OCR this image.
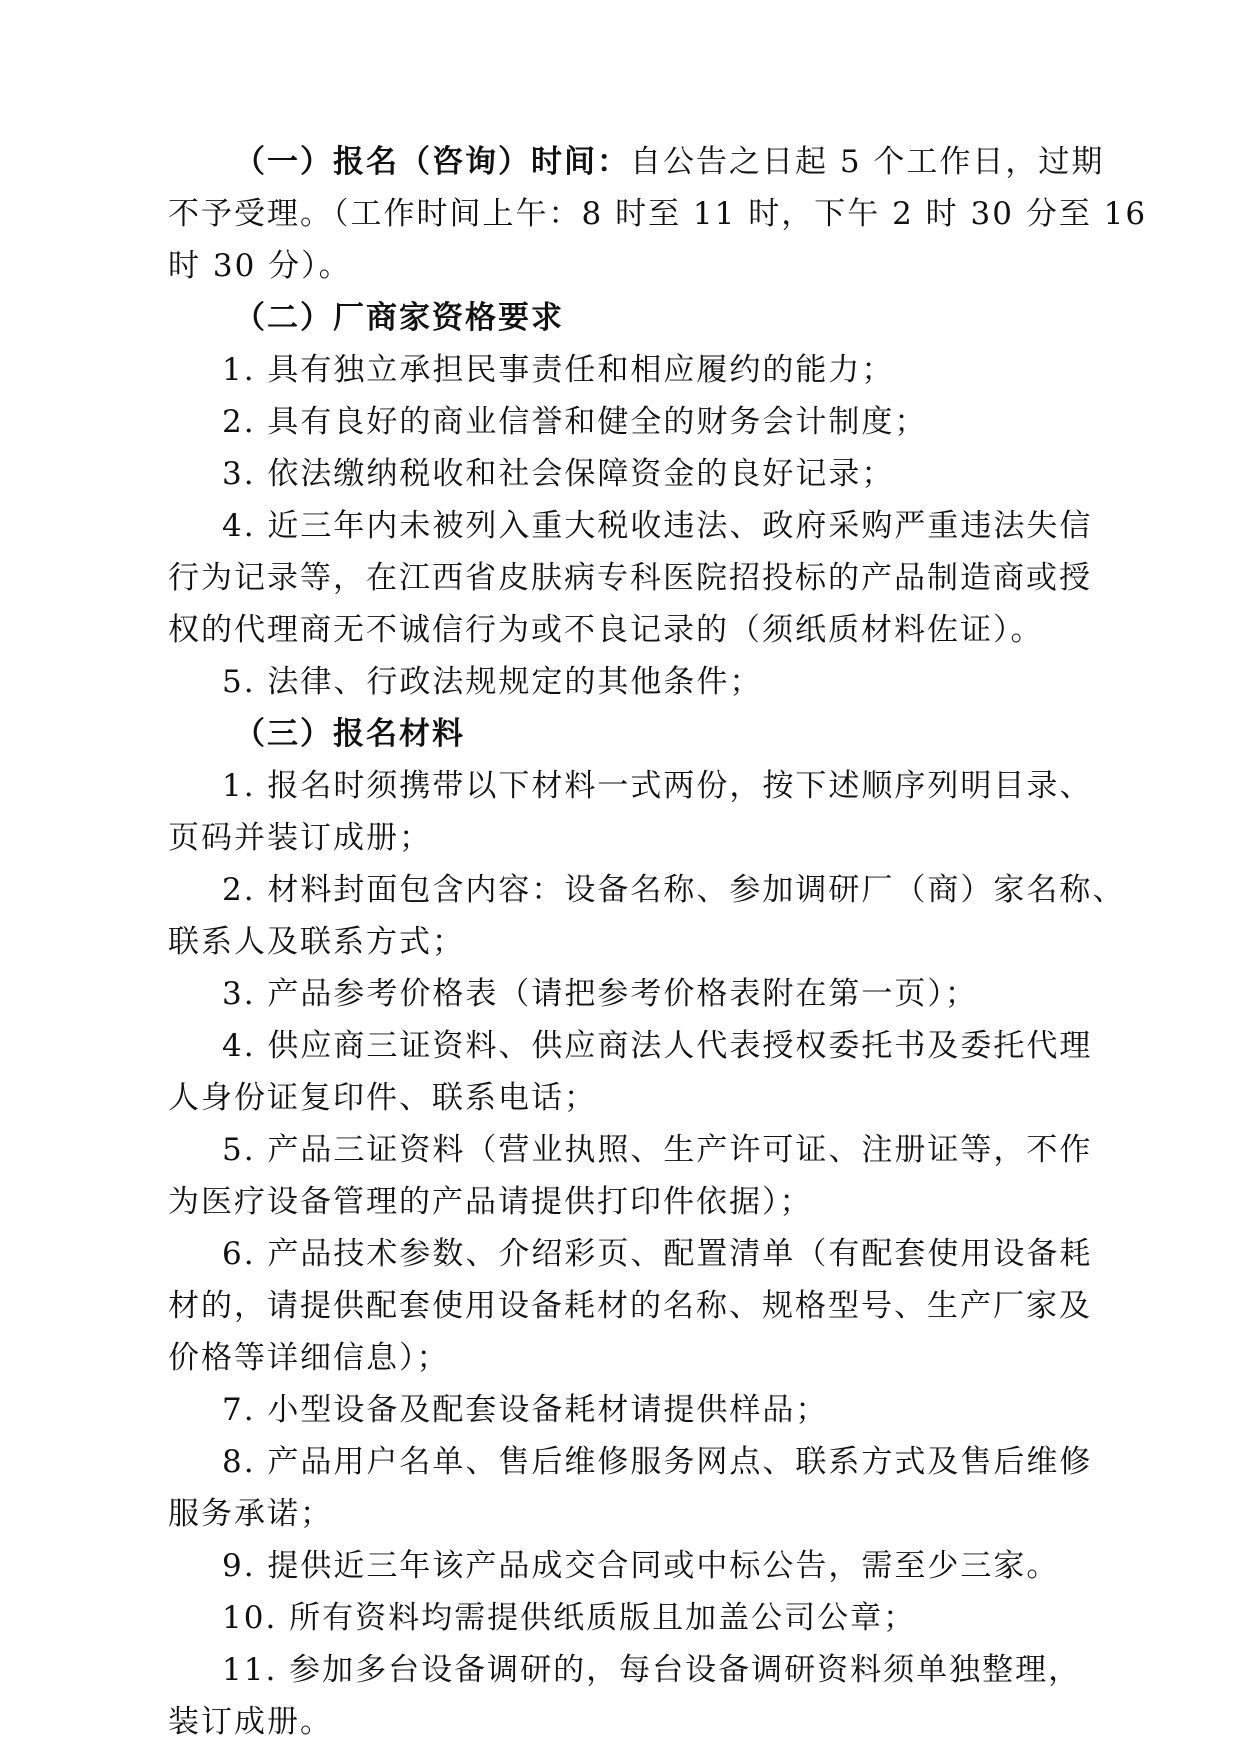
（一）报名（咨询）时间：自公告之日起 5 个工作日，过期
不予受理。（工作时间上午：8 时至 11 时，下午 2 时 30 分至 16
时 30 分）。
（二）厂商家资格要求
1. 具有独立承担民事责任和相应履约的能力；
2. 具有良好的商业信誉和健全的财务会计制度；
3. 依法缴纳税收和社会保障资金的良好记录；
4. 近三年内未被列入重大税收违法、政府采购严重违法失信
行为记录等，在江西省皮肤病专科医院招投标的产品制造商或授
权的代理商无不诚信行为或不良记录的（须纸质材料佐证）。
5. 法律、行政法规规定的其他条件；
（三）报名材料
1. 报名时须携带以下材料一式两份，按下述顺序列明目录、
页码并装订成册；
2. 材料封面包含内容：设备名称、参加调研厂（商）家名称、
联系人及联系方式；
3. 产品参考价格表（请把参考价格表附在第一页）；
4. 供应商三证资料、供应商法人代表授权委托书及委托代理
人身份证复印件、联系电话；
5. 产品三证资料（营业执照、生产许可证、注册证等，不作
为医疗设备管理的产品请提供打印件依据）；
6. 产品技术参数、介绍彩页、配置清单（有配套使用设备耗
材的，请提供配套使用设备耗材的名称、规格型号、生产厂家及
价格等详细信息）；
7. 小型设备及配套设备耗材请提供样品；
8. 产品用户名单、售后维修服务网点、联系方式及售后维修
服务承诺；
9. 提供近三年该产品成交合同或中标公告，需至少三家。
10. 所有资料均需提供纸质版且加盖公司公章；
11. 参加多台设备调研的，每台设备调研资料须单独整理，
装订成册。
